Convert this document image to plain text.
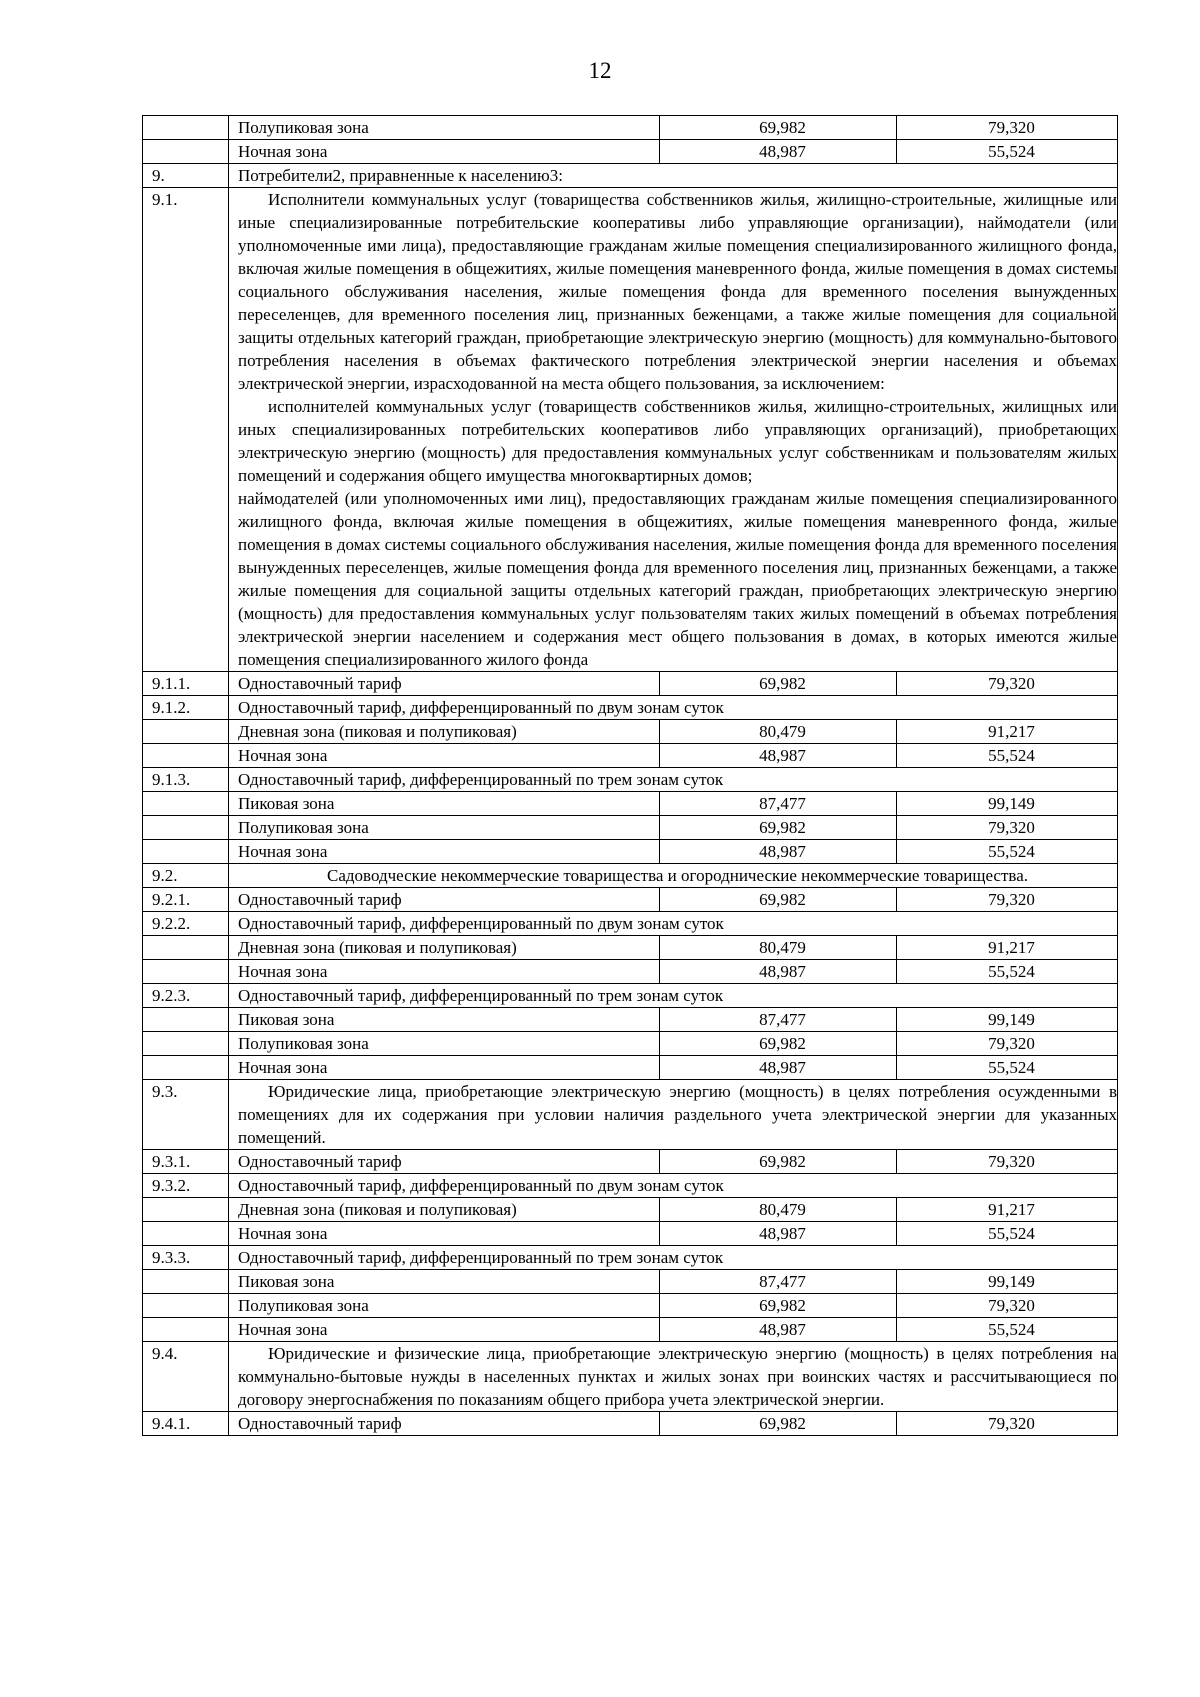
12
	Полупиковая зона	69,982	79,320
	Ночная зона	48,987	55,524
9.	Потребители2, приравненные к населению3:		
9.1.	Исполнители коммунальных услуг (товарищества собственников жилья, жилищно-строительные, жилищные или иные специализированные потребительские кооперативы либо управляющие организации), наймодатели (или уполномоченные ими лица), предоставляющие гражданам жилые помещения специализированного жилищного фонда, включая жилые помещения в общежитиях, жилые помещения маневренного фонда, жилые помещения в домах системы социального обслуживания населения, жилые помещения фонда для временного поселения вынужденных переселенцев, для временного поселения лиц, признанных беженцами, а также жилые помещения для социальной защиты отдельных категорий граждан, приобретающие электрическую энергию (мощность) для коммунально-бытового потребления населения в объемах фактического потребления электрической энергии населения и объемах электрической энергии, израсходованной на места общего пользования, за исключением:

исполнителей коммунальных услуг (товариществ собственников жилья, жилищно-строительных, жилищных или иных специализированных потребительских кооперативов либо управляющих организаций), приобретающих электрическую энергию (мощность) для предоставления коммунальных услуг собственникам и пользователям жилых помещений и содержания общего имущества многоквартирных домов;

наймодателей (или уполномоченных ими лиц), предоставляющих гражданам жилые помещения специализированного жилищного фонда, включая жилые помещения в общежитиях, жилые помещения маневренного фонда, жилые помещения в домах системы социального обслуживания населения, жилые помещения фонда для временного поселения вынужденных переселенцев, жилые помещения фонда для временного поселения лиц, признанных беженцами, а также жилые помещения для социальной защиты отдельных категорий граждан, приобретающих электрическую энергию (мощность) для предоставления коммунальных услуг пользователям таких жилых помещений в объемах потребления электрической энергии населением и содержания мест общего пользования в домах, в которых имеются жилые помещения специализированного жилого фонда		

9.1.1.	Одноставочный тариф	69,982	79,320
9.1.2.	Одноставочный тариф, дифференцированный по двум зонам суток		
	Дневная зона (пиковая и полупиковая)	80,479	91,217
	Ночная зона	48,987	55,524
9.1.3.	Одноставочный тариф, дифференцированный по трем зонам суток		
	Пиковая зона	87,477	99,149
	Полупиковая зона	69,982	79,320
	Ночная зона	48,987	55,524
9.2.	Садоводческие некоммерческие товарищества и огороднические некоммерческие товарищества.		
9.2.1.	Одноставочный тариф	69,982	79,320
9.2.2.	Одноставочный тариф, дифференцированный по двум зонам суток		
	Дневная зона (пиковая и полупиковая)	80,479	91,217
	Ночная зона	48,987	55,524
9.2.3.	Одноставочный тариф, дифференцированный по трем зонам суток		
	Пиковая зона	87,477	99,149
	Полупиковая зона	69,982	79,320
	Ночная зона	48,987	55,524
9.3.	Юридические лица, приобретающие электрическую энергию (мощность) в целях потребления осужденными в помещениях для их содержания при условии наличия раздельного учета электрической энергии для указанных помещений.		

9.3.1.	Одноставочный тариф	69,982	79,320
9.3.2.	Одноставочный тариф, дифференцированный по двум зонам суток		
	Дневная зона (пиковая и полупиковая)	80,479	91,217
	Ночная зона	48,987	55,524
9.3.3.	Одноставочный тариф, дифференцированный по трем зонам суток		
	Пиковая зона	87,477	99,149
	Полупиковая зона	69,982	79,320
	Ночная зона	48,987	55,524
9.4.	Юридические и физические лица, приобретающие электрическую энергию (мощность) в целях потребления на коммунально-бытовые нужды в населенных пунктах и жилых зонах при воинских частях и рассчитывающиеся по договору энергоснабжения по показаниям общего прибора учета электрической энергии.		

9.4.1.	Одноставочный тариф	69,982	79,320
